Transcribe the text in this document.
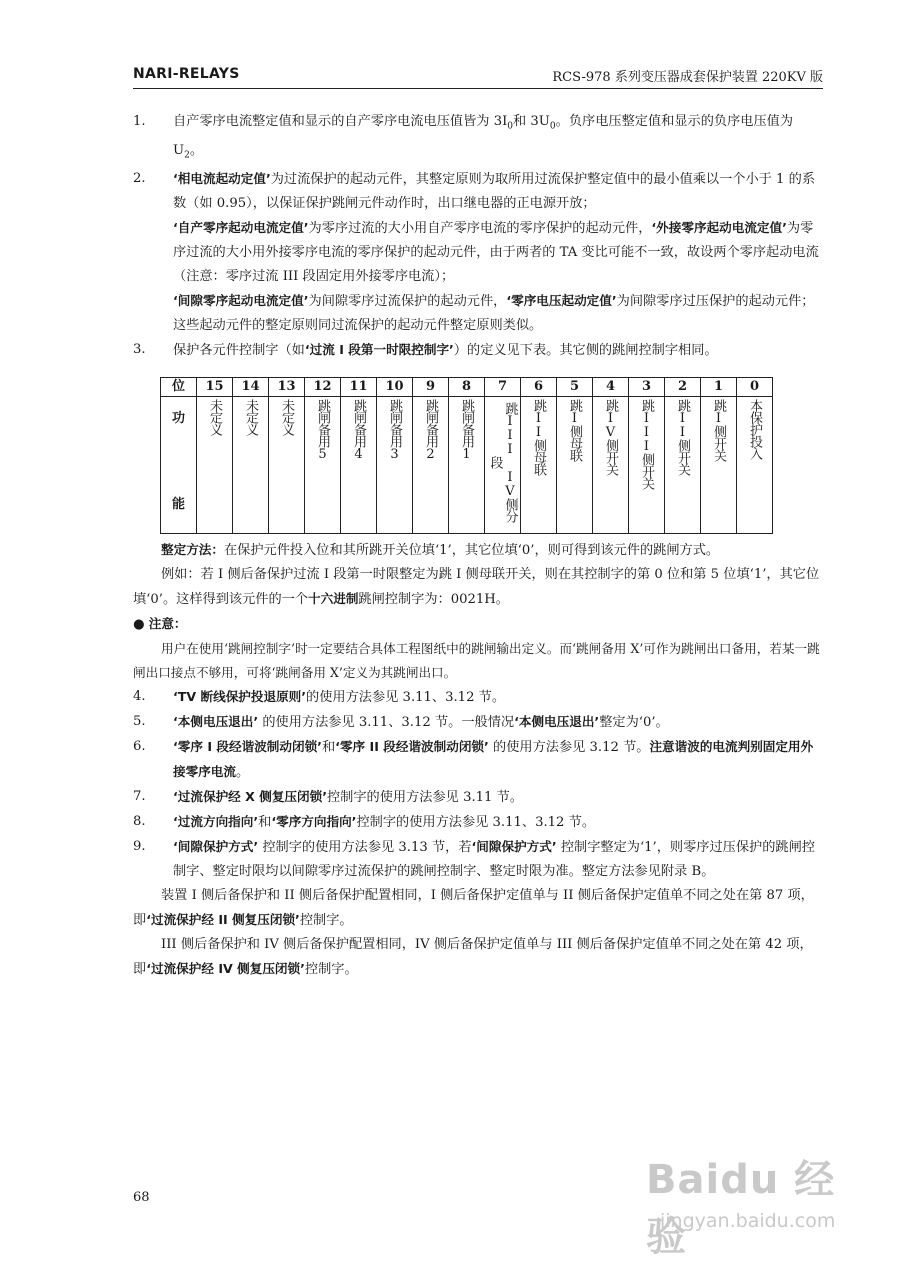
NARI-RELAYS	RCS-978 系列变压器成套保护装置 220KV 版
1.	自产零序电流整定值和显示的自产零序电流电压值皆为 $3I_0$和 $3U_0$。负序电压整定值和显示的负序电压值为 $U_2$。
2.	‘相电流起动定值’为过流保护的起动元件，其整定原则为取所用过流保护整定值中的最小值乘以一个小于 1 的系数（如 0.95），以保证保护跳闸元件动作时，出口继电器的正电源开放；
‘自产零序起动电流定值’为零序过流的大小用自产零序电流的零序保护的起动元件，‘外接零序起动电流定值’为零序过流的大小用外接零序电流的零序保护的起动元件，由于两者的 TA 变比可能不一致，故设两个零序起动电流（注意：零序过流 III 段固定用外接零序电流）；
‘间隙零序起动电流定值’为间隙零序过流保护的起动元件，‘零序电压起动定值’为间隙零序过压保护的起动元件；这些起动元件的整定原则同过流保护的起动元件整定原则类似。
3.	保护各元件控制字（如‘过流 I 段第一时限控制字’）的定义见下表。其它侧的跳闸控制字相同。
位	15	14	13	12	11	10	9	8	7	6	5	4	3	2	1	0

功
能	未定义	未定义	未定义	跳闸备用5	跳闸备用4	跳闸备用3	跳闸备用2	跳闸备用1	跳III IV侧分段	跳II侧母联	跳I侧母联	跳IV侧开关	跳III侧开关	跳II侧开关	跳I侧开关	本保护投入
整定方法：在保护元件投入位和其所跳开关位填‘1’，其它位填‘0’，则可得到该元件的跳闸方式。
例如：若 I 侧后备保护过流 I 段第一时限整定为跳 I 侧母联开关，则在其控制字的第 0 位和第 5 位填‘1’，其它位填‘0’。这样得到该元件的一个十六进制跳闸控制字为：0021H。
● 注意：
用户在使用‘跳闸控制字’时一定要结合具体工程图纸中的跳闸输出定义。而‘跳闸备用 X’可作为跳闸出口备用，若某一跳闸出口接点不够用，可将‘跳闸备用 X’定义为其跳闸出口。
4.	‘TV 断线保护投退原则’的使用方法参见 3.11、3.12 节。
5.	‘本侧电压退出’ 的使用方法参见 3.11、3.12 节。一般情况‘本侧电压退出’整定为‘0’。
6.	‘零序 I 段经谐波制动闭锁’和‘零序 II 段经谐波制动闭锁’ 的使用方法参见 3.12 节。注意谐波的电流判别固定用外接零序电流。
7.	‘过流保护经 X 侧复压闭锁’控制字的使用方法参见 3.11 节。
8.	‘过流方向指向’和‘零序方向指向’控制字的使用方法参见 3.11、3.12 节。
9.	‘间隙保护方式’ 控制字的使用方法参见 3.13 节，若‘间隙保护方式’ 控制字整定为‘1’，则零序过压保护的跳闸控制字、整定时限均以间隙零序过流保护的跳闸控制字、整定时限为准。整定方法参见附录 B。
装置 I 侧后备保护和 II 侧后备保护配置相同，I 侧后备保护定值单与 II 侧后备保护定值单不同之处在第 87 项，即‘过流保护经 II 侧复压闭锁’控制字。
III 侧后备保护和 IV 侧后备保护配置相同，IV 侧后备保护定值单与 III 侧后备保护定值单不同之处在第 42 项，即‘过流保护经 IV 侧复压闭锁’控制字。
68	Baidu 经验
jingyan.baidu.com
